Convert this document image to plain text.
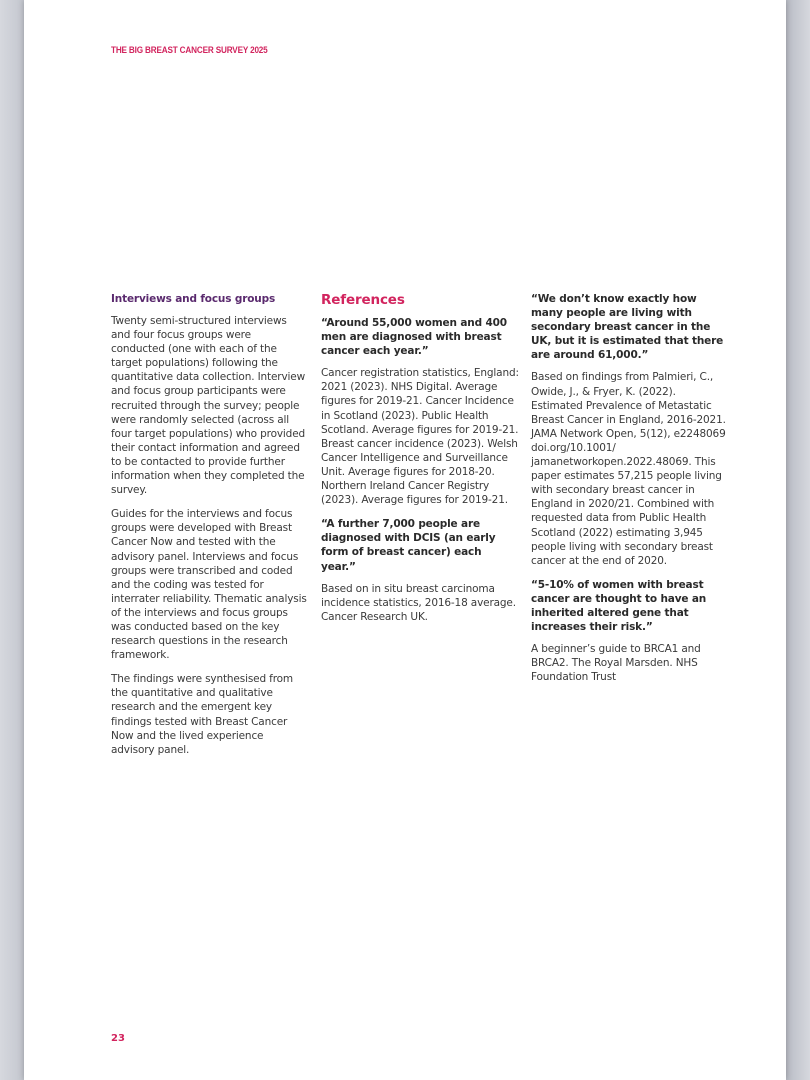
THE BIG BREAST CANCER SURVEY 2025
Interviews and focus groups

Twenty semi-structured interviews and four focus groups were conducted (one with each of the target populations) following the quantitative data collection. Interview and focus group participants were recruited through the survey; people were randomly selected (across all four target populations) who provided their contact information and agreed to be contacted to provide further information when they completed the survey.

Guides for the interviews and focus groups were developed with Breast Cancer Now and tested with the advisory panel. Interviews and focus groups were transcribed and coded and the coding was tested for interrater reliability. Thematic analysis of the interviews and focus groups was conducted based on the key research questions in the research framework.

The findings were synthesised from the quantitative and qualitative research and the emergent key findings tested with Breast Cancer Now and the lived experience advisory panel.

References

“Around 55,000 women and 400 men are diagnosed with breast cancer each year.”

Cancer registration statistics, England: 2021 (2023). NHS Digital. Average figures for 2019-21. Cancer Incidence in Scotland (2023). Public Health Scotland. Average figures for 2019-21. Breast cancer incidence (2023). Welsh Cancer Intelligence and Surveillance Unit. Average figures for 2018-20. Northern Ireland Cancer Registry (2023). Average figures for 2019-21.

“A further 7,000 people are diagnosed with DCIS (an early form of breast cancer) each year.”

Based on in situ breast carcinoma incidence statistics, 2016-18 average. Cancer Research UK.

“We don’t know exactly how many people are living with secondary breast cancer in the UK, but it is estimated that there are around 61,000.”

Based on findings from Palmieri, C., Owide, J., & Fryer, K. (2022). Estimated Prevalence of Metastatic Breast Cancer in England, 2016-2021. JAMA Network Open, 5(12), e2248069 doi.org/10.1001/ jamanetworkopen.2022.48069. This paper estimates 57,215 people living with secondary breast cancer in England in 2020/21. Combined with requested data from Public Health Scotland (2022) estimating 3,945 people living with secondary breast cancer at the end of 2020.

“5-10% of women with breast cancer are thought to have an inherited altered gene that increases their risk.”

A beginner’s guide to BRCA1 and BRCA2. The Royal Marsden. NHS Foundation Trust

23
